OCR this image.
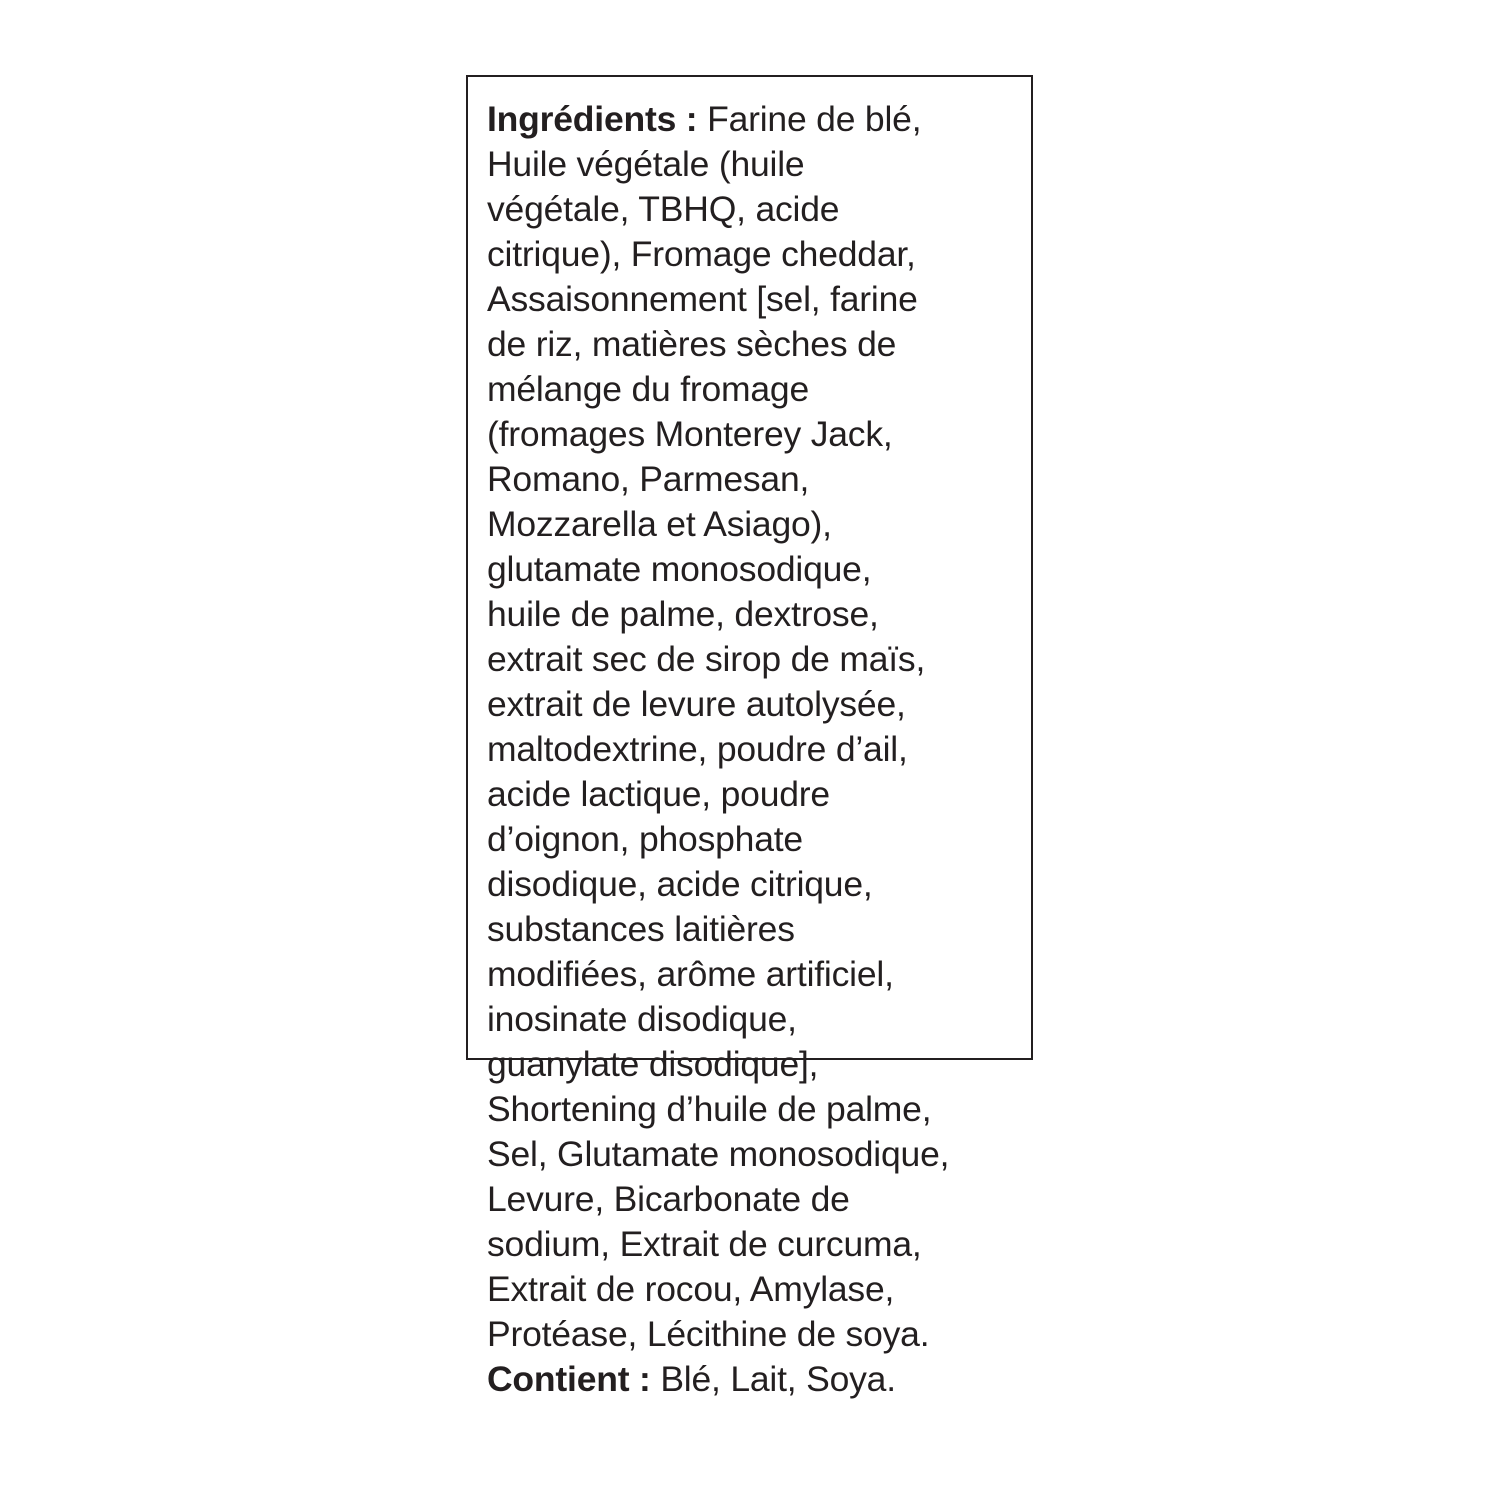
Ingrédients : Farine de blé,
Huile végétale (huile
végétale, TBHQ, acide
citrique), Fromage cheddar,
Assaisonnement [sel, farine
de riz, matières sèches de
mélange du fromage
(fromages Monterey Jack,
Romano, Parmesan,
Mozzarella et Asiago),
glutamate monosodique,
huile de palme, dextrose,
extrait sec de sirop de maïs,
extrait de levure autolysée,
maltodextrine, poudre d’ail,
acide lactique, poudre
d’oignon, phosphate
disodique, acide citrique,
substances laitières
modifiées, arôme artificiel,
inosinate disodique,
guanylate disodique],
Shortening d’huile de palme,
Sel, Glutamate monosodique,
Levure, Bicarbonate de
sodium, Extrait de curcuma,
Extrait de rocou, Amylase,
Protéase, Lécithine de soya.
Contient : Blé, Lait, Soya.
